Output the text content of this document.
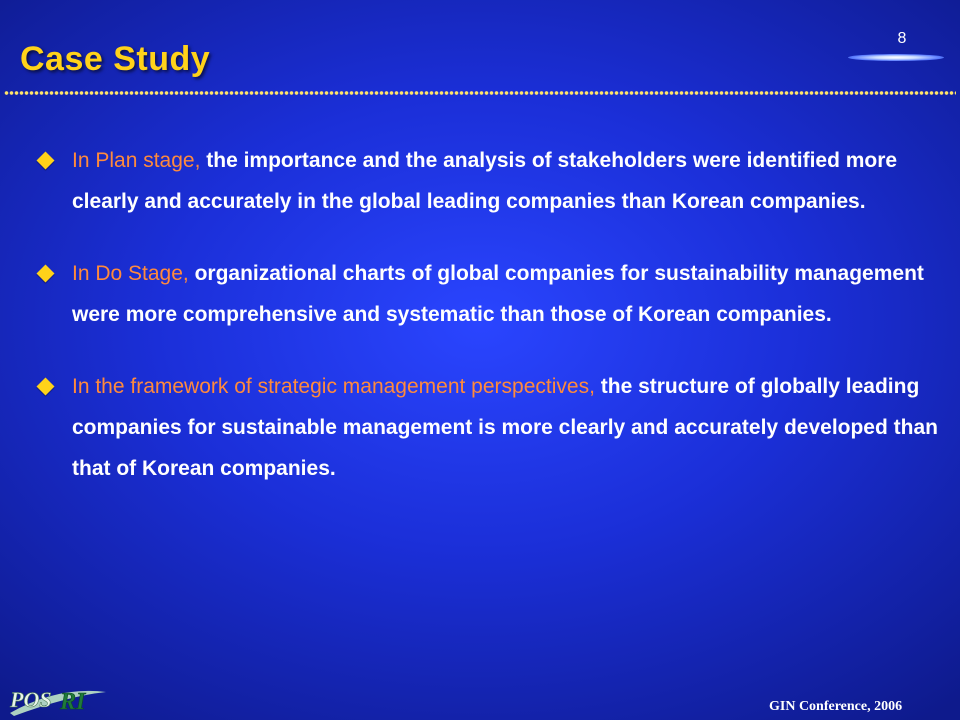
Case Study
8
In Plan stage, the importance and the analysis of stakeholders were identified more clearly and accurately in the global leading companies than Korean companies.
In Do Stage, organizational charts of global companies for sustainability management were more comprehensive and systematic than those of Korean companies.
In the framework of strategic management perspectives, the structure of globally leading companies for sustainable management is more clearly and accurately developed than that of Korean companies.
POS RI	GIN Conference, 2006
